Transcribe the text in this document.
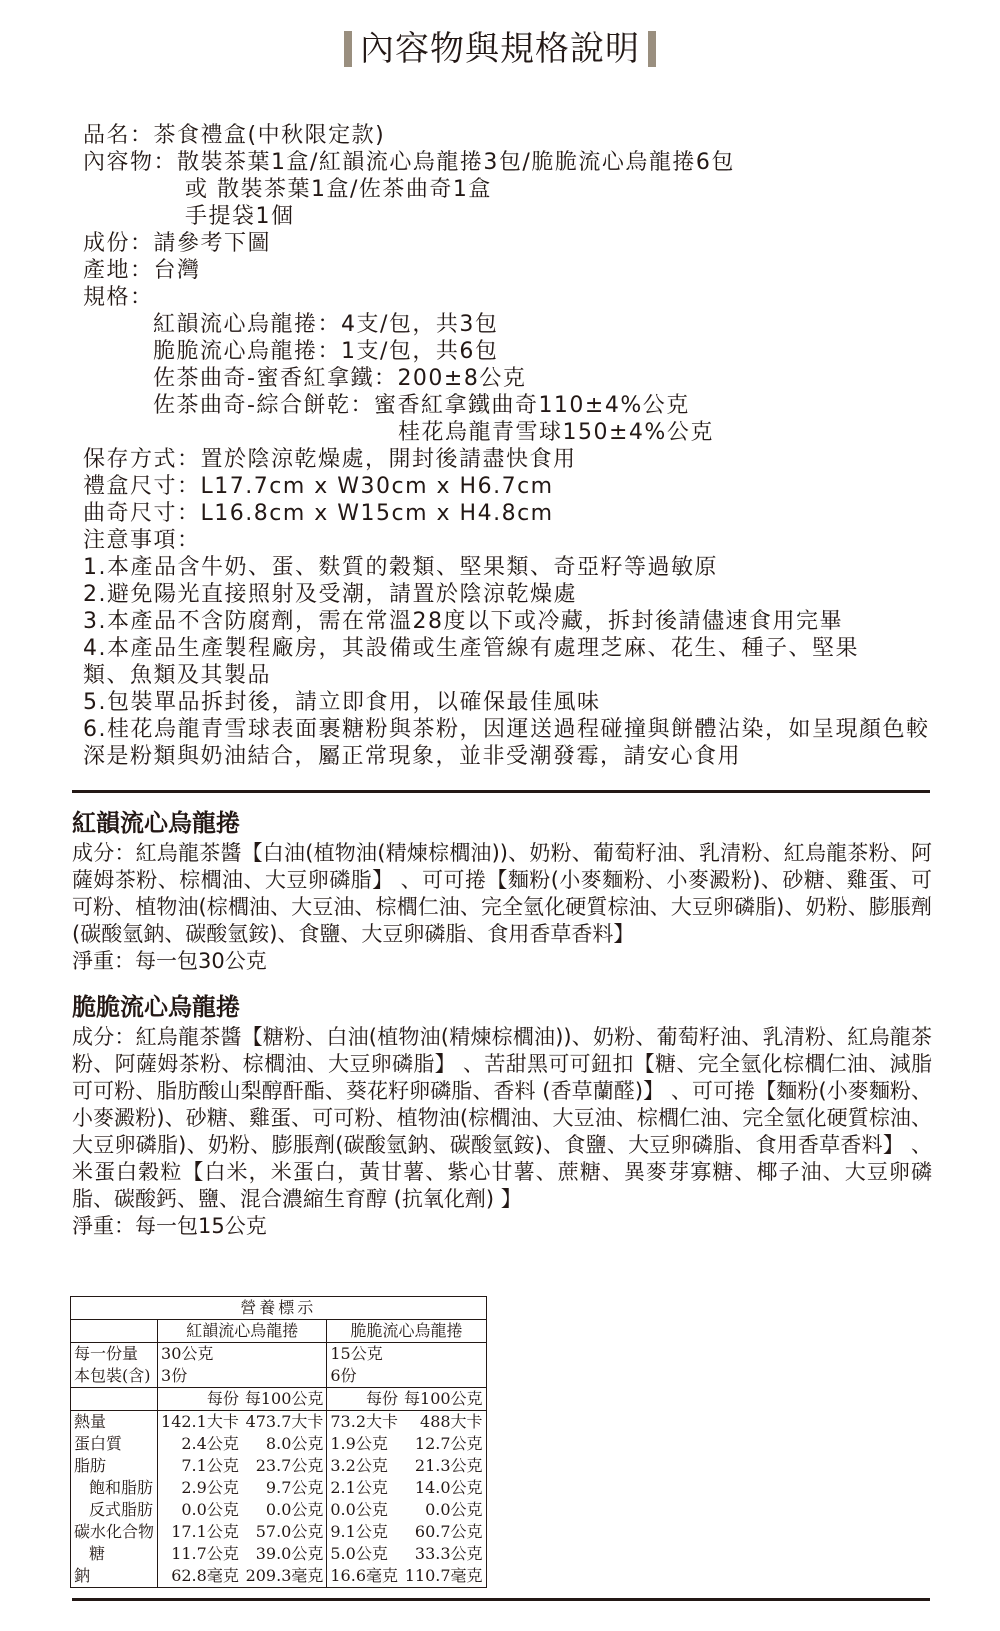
內容物與規格說明
品名：茶食禮盒(中秋限定款)
內容物：散裝茶葉1盒/紅韻流心烏龍捲3包/脆脆流心烏龍捲6包
或 散裝茶葉1盒/佐茶曲奇1盒
手提袋1個
成份：請參考下圖
產地：台灣
規格：
紅韻流心烏龍捲：4支/包，共3包
脆脆流心烏龍捲：1支/包，共6包
佐茶曲奇-蜜香紅拿鐵：200±8公克
佐茶曲奇-綜合餅乾：蜜香紅拿鐵曲奇110±4%公克
桂花烏龍青雪球150±4%公克
保存方式：置於陰涼乾燥處，開封後請盡快食用
禮盒尺寸：L17.7cm x W30cm x H6.7cm
曲奇尺寸：L16.8cm x W15cm x H4.8cm
注意事項：
1.本產品含牛奶、蛋、麩質的穀類、堅果類、奇亞籽等過敏原
2.避免陽光直接照射及受潮，請置於陰涼乾燥處
3.本產品不含防腐劑，需在常溫28度以下或冷藏，拆封後請儘速食用完畢
4.本產品生產製程廠房，其設備或生產管線有處理芝麻、花生、種子、堅果
類、魚類及其製品
5.包裝單品拆封後，請立即食用，以確保最佳風味
6.桂花烏龍青雪球表面裹糖粉與茶粉，因運送過程碰撞與餅體沾染，如呈現顏色較
深是粉類與奶油結合，屬正常現象，並非受潮發霉，請安心食用
紅韻流心烏龍捲
成分：紅烏龍茶醬【白油(植物油(精煉棕櫚油))、奶粉、葡萄籽油、乳清粉、紅烏龍茶粉、阿薩姆茶粉、棕櫚油、大豆卵磷脂】 、可可捲【麵粉(小麥麵粉、小麥澱粉)、砂糖、雞蛋、可可粉、植物油(棕櫚油、大豆油、棕櫚仁油、完全氫化硬質棕油、大豆卵磷脂)、奶粉、膨脹劑(碳酸氫鈉、碳酸氫銨)、食鹽、大豆卵磷脂、食用香草香料】
淨重：每一包30公克
脆脆流心烏龍捲
成分：紅烏龍茶醬【糖粉、白油(植物油(精煉棕櫚油))、奶粉、葡萄籽油、乳清粉、紅烏龍茶粉、阿薩姆茶粉、棕櫚油、大豆卵磷脂】 、苦甜黑可可鈕扣【糖、完全氫化棕櫚仁油、減脂可可粉、脂肪酸山梨醇酐酯、葵花籽卵磷脂、香料 (香草蘭醛)】 、可可捲【麵粉(小麥麵粉、小麥澱粉)、砂糖、雞蛋、可可粉、植物油(棕櫚油、大豆油、棕櫚仁油、完全氫化硬質棕油、大豆卵磷脂)、奶粉、膨脹劑(碳酸氫鈉、碳酸氫銨)、食鹽、大豆卵磷脂、食用香草香料】 、米蛋白穀粒【白米，米蛋白，黃甘薯、紫心甘薯、蔗糖、異麥芽寡糖、椰子油、大豆卵磷脂、碳酸鈣、鹽、混合濃縮生育醇 (抗氧化劑) 】
淨重：每一包15公克
營養標示				
	紅韻流心烏龍捲		脆脆流心烏龍捲	
每一份量	30公克		15公克	
本包裝(含)	3份		6份	
	每份	每100公克	每份	每100公克
熱量	142.1大卡	473.7大卡	73.2大卡	488大卡
蛋白質	2.4公克	8.0公克	1.9公克	12.7公克
脂肪	7.1公克	23.7公克	3.2公克	21.3公克
飽和脂肪	2.9公克	9.7公克	2.1公克	14.0公克
反式脂肪	0.0公克	0.0公克	0.0公克	0.0公克
碳水化合物	17.1公克	57.0公克	9.1公克	60.7公克
糖	11.7公克	39.0公克	5.0公克	33.3公克
鈉	62.8毫克	209.3毫克	16.6毫克	110.7毫克
